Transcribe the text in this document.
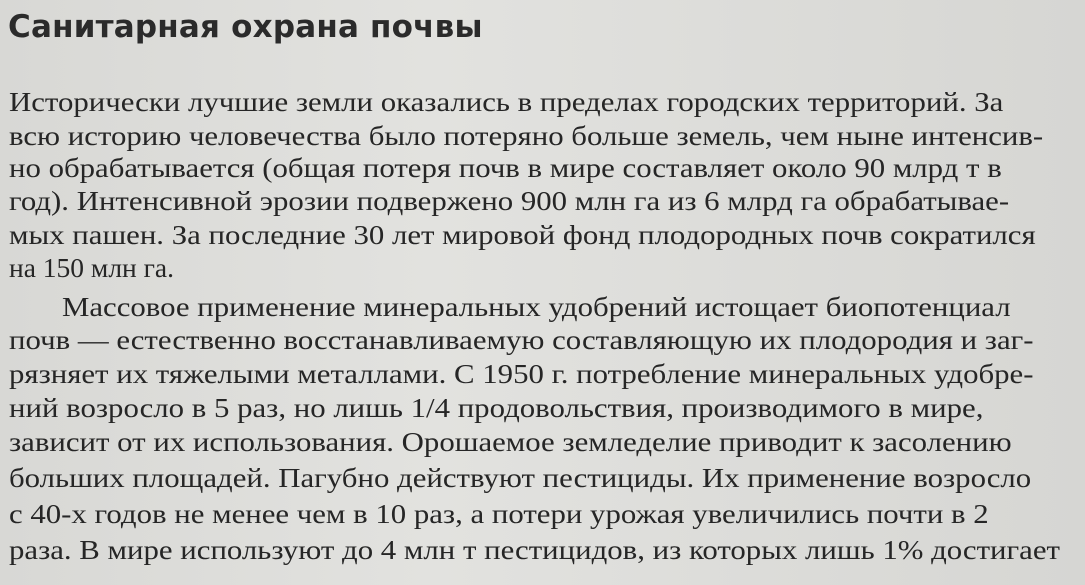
Санитарная охрана почвы

Исторически лучшие земли оказались в пределах городских территорий. За

всю историю человечества было потеряно больше земель, чем ныне интенсив-

но обрабатывается (общая потеря почв в мире составляет около 90 млрд т в

год). Интенсивной эрозии подвержено 900 млн га из 6 млрд га обрабатывае-

мых пашен. За последние 30 лет мировой фонд плодородных почв сократился

на 150 млн га.

Массовое применение минеральных удобрений истощает биопотенциал

почв — естественно восстанавливаемую составляющую их плодородия и заг-

рязняет их тяжелыми металлами. С 1950 г. потребление минеральных удобре-

ний возросло в 5 раз, но лишь 1/4 продовольствия, производимого в мире,

зависит от их использования. Орошаемое земледелие приводит к засолению

больших площадей. Пагубно действуют пестициды. Их применение возросло

с 40-х годов не менее чем в 10 раз, а потери урожая увеличились почти в 2

раза. В мире используют до 4 млн т пестицидов, из которых лишь 1% достигает
